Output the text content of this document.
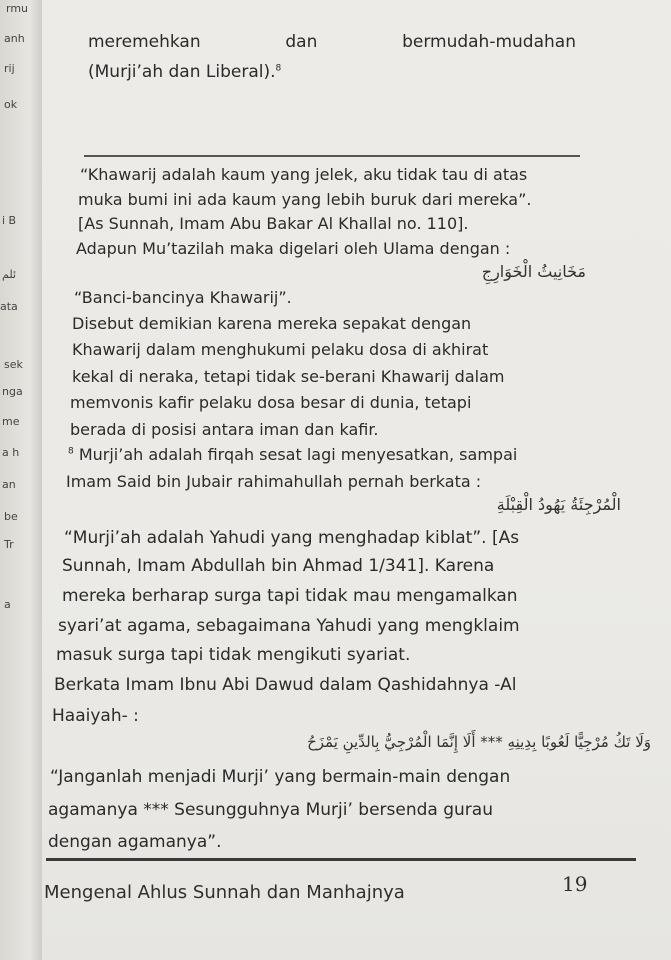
rmu
anh
rij
ok
i B
ئلم
ata
sek
nga
me
a h
an
be
Tr
a
meremehkan	dan	bermudah-mudahan
(Murji’ah dan Liberal).$^8$
“Khawarij adalah kaum yang jelek, aku tidak tau di atas
muka bumi ini ada kaum yang lebih buruk dari mereka”.
[As Sunnah, Imam Abu Bakar Al Khallal no. 110].
Adapun Mu’tazilah maka digelari oleh Ulama dengan :
مَخَانِيثُ الْخَوَارِجِ
“Banci-bancinya Khawarij”.
Disebut demikian karena mereka sepakat dengan
Khawarij dalam menghukumi pelaku dosa di akhirat
kekal di neraka, tetapi tidak se-berani Khawarij dalam
memvonis kafir pelaku dosa besar di dunia, tetapi
berada di posisi antara iman dan kafir.
$^8$ Murji’ah adalah firqah sesat lagi menyesatkan, sampai
Imam Said bin Jubair rahimahullah pernah berkata :
الْمُرْجِئَةُ يَهُودُ الْقِبْلَةِ
“Murji’ah adalah Yahudi yang menghadap kiblat”. [As
Sunnah, Imam Abdullah bin Ahmad 1/341]. Karena
mereka berharap surga tapi tidak mau mengamalkan
syari’at agama, sebagaimana Yahudi yang mengklaim
masuk surga tapi tidak mengikuti syariat.
Berkata Imam Ibnu Abi Dawud dalam Qashidahnya -Al
Haaiyah- :
وَلَا تَكُ مُرْجِيًّا لَعُوبًا بِدِينِهِ *** أَلَا إِنَّمَا الْمُرْجِيُّ بِالدِّينِ يَمْزَحُ
“Janganlah menjadi Murji’ yang bermain-main dengan
agamanya *** Sesungguhnya Murji’ bersenda gurau
dengan agamanya”.
Mengenal Ahlus Sunnah dan Manhajnya	19
